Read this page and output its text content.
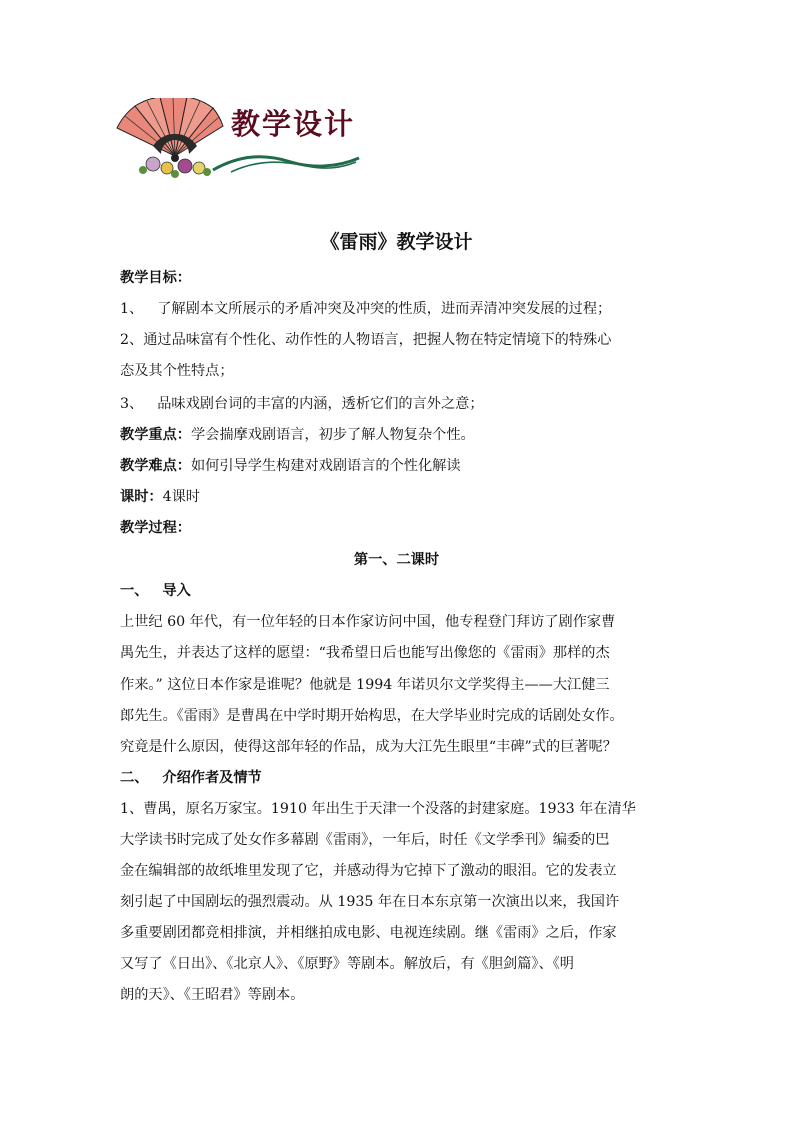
教学设计
《雷雨》教学设计
教学目标：
1、 了解剧本文所展示的矛盾冲突及冲突的性质，进而弄清冲突发展的过程；
2、通过品味富有个性化、动作性的人物语言，把握人物在特定情境下的特殊心
态及其个性特点；
3、 品味戏剧台词的丰富的内涵，透析它们的言外之意；
教学重点：学会揣摩戏剧语言，初步了解人物复杂个性。
教学难点：如何引导学生构建对戏剧语言的个性化解读
课时：4课时
教学过程：
第一、二课时
一、 导入
上世纪 60 年代，有一位年轻的日本作家访问中国，他专程登门拜访了剧作家曹
禺先生，并表达了这样的愿望：“我希望日后也能写出像您的《雷雨》那样的杰
作来。” 这位日本作家是谁呢？他就是 1994 年诺贝尔文学奖得主——大江健三
郎先生。《雷雨》是曹禺在中学时期开始构思，在大学毕业时完成的话剧处女作。
究竟是什么原因，使得这部年轻的作品，成为大江先生眼里“丰碑”式的巨著呢？
二、 介绍作者及情节
1、曹禺，原名万家宝。1910 年出生于天津一个没落的封建家庭。1933 年在清华
大学读书时完成了处女作多幕剧《雷雨》，一年后，时任《文学季刊》编委的巴
金在编辑部的故纸堆里发现了它，并感动得为它掉下了激动的眼泪。它的发表立
刻引起了中国剧坛的强烈震动。从 1935 年在日本东京第一次演出以来，我国许
多重要剧团都竞相排演，并相继拍成电影、电视连续剧。继《雷雨》之后，作家
又写了《日出》、《北京人》、《原野》等剧本。解放后，有《胆剑篇》、《明
朗的天》、《王昭君》等剧本。
